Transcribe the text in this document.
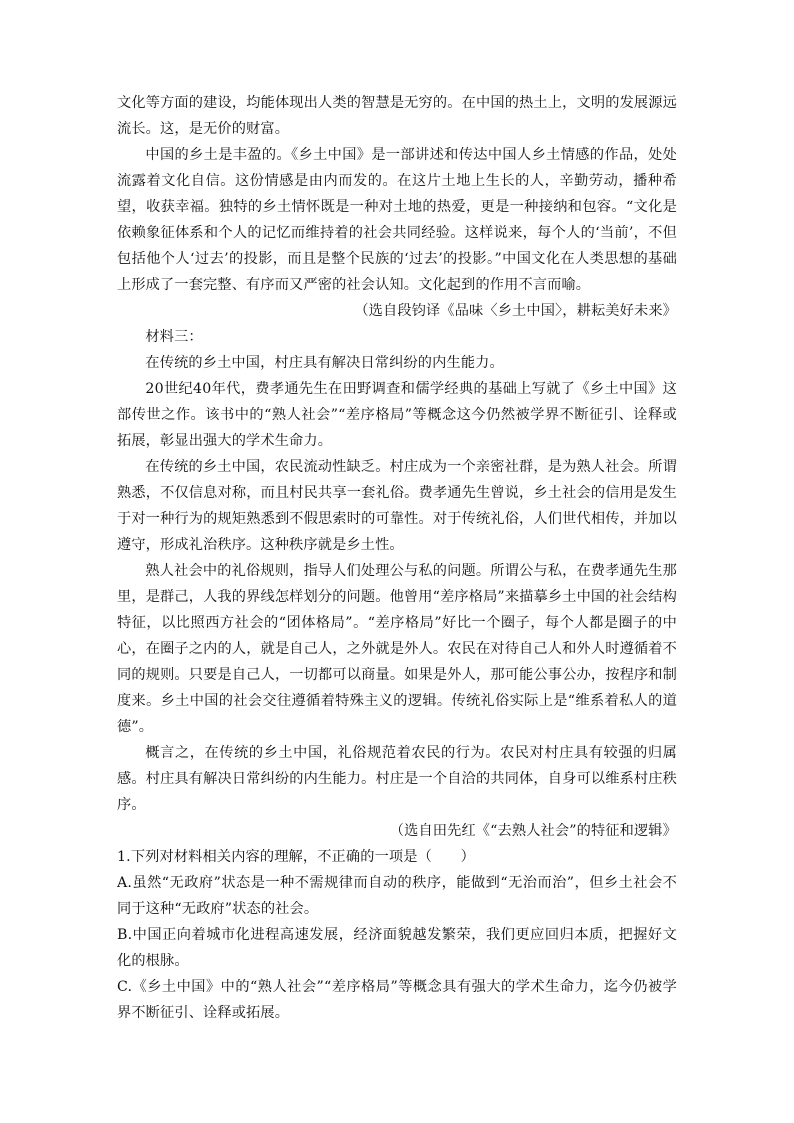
文化等方面的建设，均能体现出人类的智慧是无穷的。在中国的热土上，文明的发展源远流长。这，是无价的财富。

中国的乡土是丰盈的。《乡土中国》是一部讲述和传达中国人乡土情感的作品，处处流露着文化自信。这份情感是由内而发的。在这片土地上生长的人，辛勤劳动，播种希望，收获幸福。独特的乡土情怀既是一种对土地的热爱，更是一种接纳和包容。“文化是依赖象征体系和个人的记忆而维持着的社会共同经验。这样说来，每个人的‘当前’，不但包括他个人‘过去’的投影，而且是整个民族的‘过去’的投影。”中国文化在人类思想的基础上形成了一套完整、有序而又严密的社会认知。文化起到的作用不言而喻。

（选自段钧译《品味〈乡土中国〉，耕耘美好未来》

材料三：

在传统的乡土中国，村庄具有解决日常纠纷的内生能力。

20世纪40年代，费孝通先生在田野调查和儒学经典的基础上写就了《乡土中国》这部传世之作。该书中的“熟人社会”“差序格局”等概念这今仍然被学界不断征引、诠释或拓展，彰显出强大的学术生命力。

在传统的乡土中国，农民流动性缺乏。村庄成为一个亲密社群，是为熟人社会。所谓熟悉，不仅信息对称，而且村民共享一套礼俗。费孝通先生曾说，乡土社会的信用是发生于对一种行为的规矩熟悉到不假思索时的可靠性。对于传统礼俗，人们世代相传，并加以遵守，形成礼治秩序。这种秩序就是乡土性。

熟人社会中的礼俗规则，指导人们处理公与私的问题。所谓公与私，在费孝通先生那里，是群己，人我的界线怎样划分的问题。他曾用“差序格局”来描摹乡土中国的社会结构特征，以比照西方社会的“团体格局”。“差序格局”好比一个圈子，每个人都是圈子的中心，在圈子之内的人，就是自己人，之外就是外人。农民在对待自己人和外人时遵循着不同的规则。只要是自己人，一切都可以商量。如果是外人，那可能公事公办，按程序和制度来。乡土中国的社会交往遵循着特殊主义的逻辑。传统礼俗实际上是“维系着私人的道德”。

概言之，在传统的乡土中国，礼俗规范着农民的行为。农民对村庄具有较强的归属感。村庄具有解决日常纠纷的内生能力。村庄是一个自洽的共同体，自身可以维系村庄秩序。

（选自田先红《“去熟人社会”的特征和逻辑》

1.下列对材料相关内容的理解，不正确的一项是（　　）

A.虽然“无政府”状态是一种不需规律而自动的秩序，能做到“无治而治”，但乡土社会不同于这种“无政府”状态的社会。

B.中国正向着城市化进程高速发展，经济面貌越发繁荣，我们更应回归本质，把握好文化的根脉。

C.《乡土中国》中的“熟人社会”“差序格局”等概念具有强大的学术生命力，迄今仍被学界不断征引、诠释或拓展。
